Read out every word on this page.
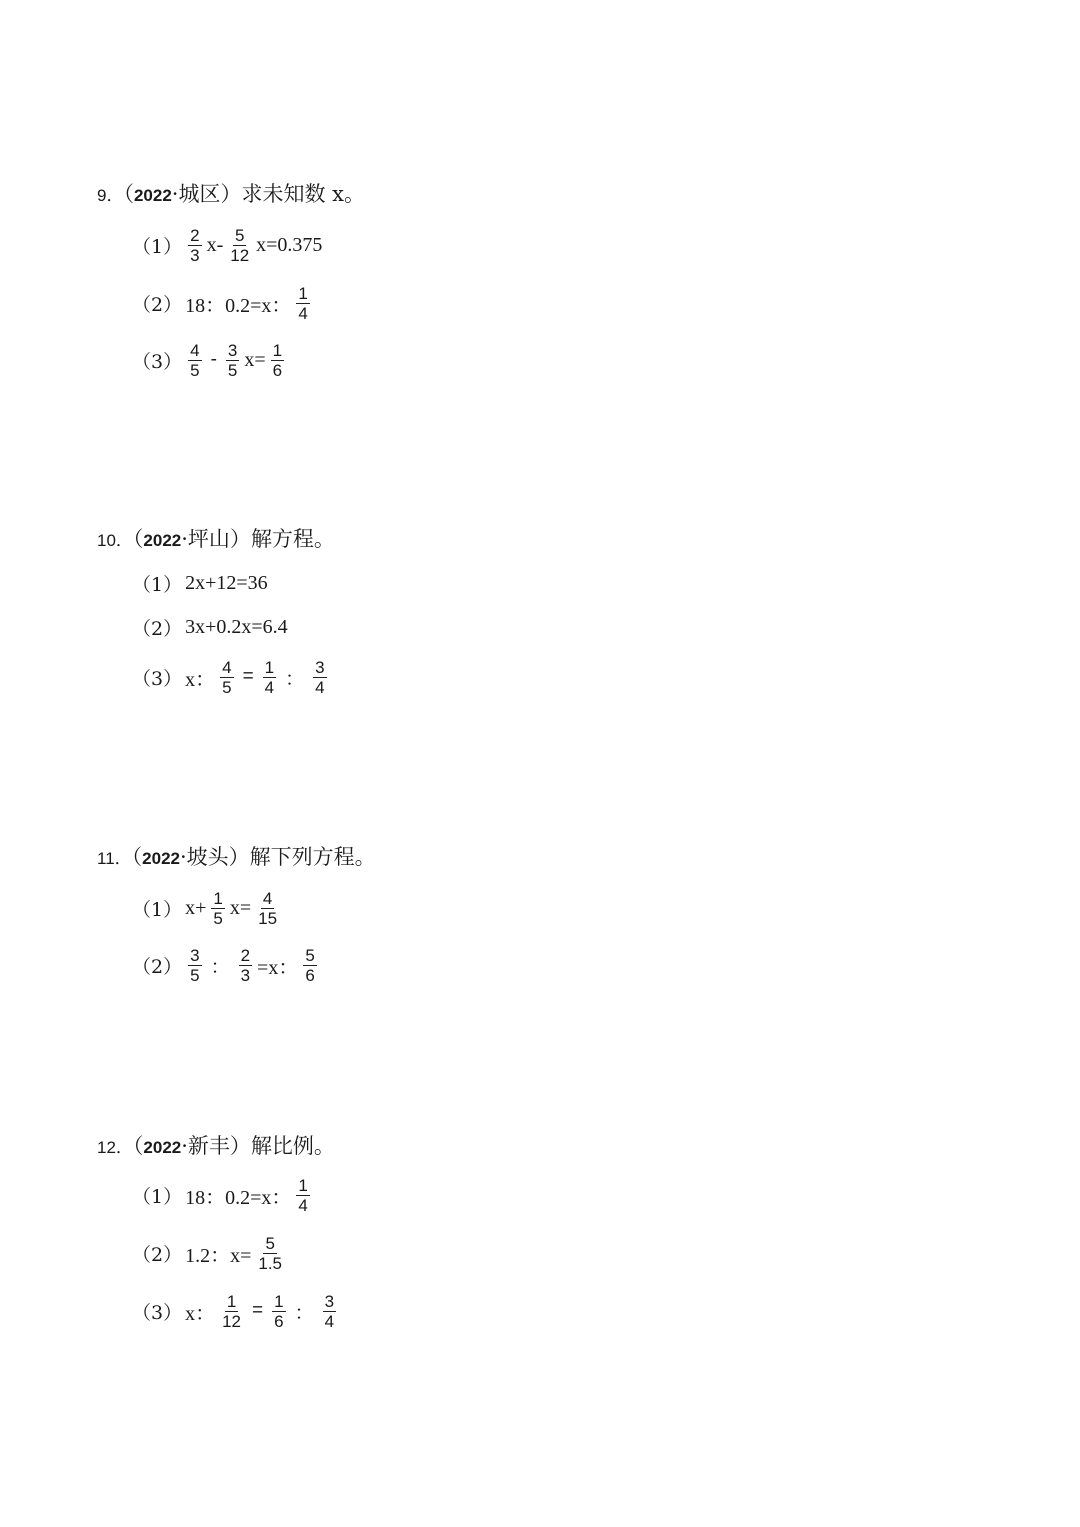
9．（2022·城区）求未知数 x。
$(1) \frac{2}{3} x- \frac{5}{12} x=0.375$
（2） 18：0.2=x： $\frac{1}{4}$
$(3) \frac{4}{5} - \frac{3}{5} x= \frac{1}{6}$
10．（2022·坪山）解方程。
（1） 2x+12=36
（2） 3x+0.2x=6.4
（3） x： $\frac{4}{5} = \frac{1}{4}$ ： $\frac{3}{4}$
11．（2022·坡头）解下列方程。
（1） $x+ \frac{1}{5} x= \frac{4}{15}$
$(2) \frac{3}{5}$ ： $\frac{2}{3} =x$： $\frac{5}{6}$
12．（2022·新丰）解比例。
（1） 18：0.2=x： $\frac{1}{4}$
（2） 1.2：$x= \frac{5}{1.5}$
（3） x： $\frac{1}{12} = \frac{1}{6}$ ： $\frac{3}{4}$
